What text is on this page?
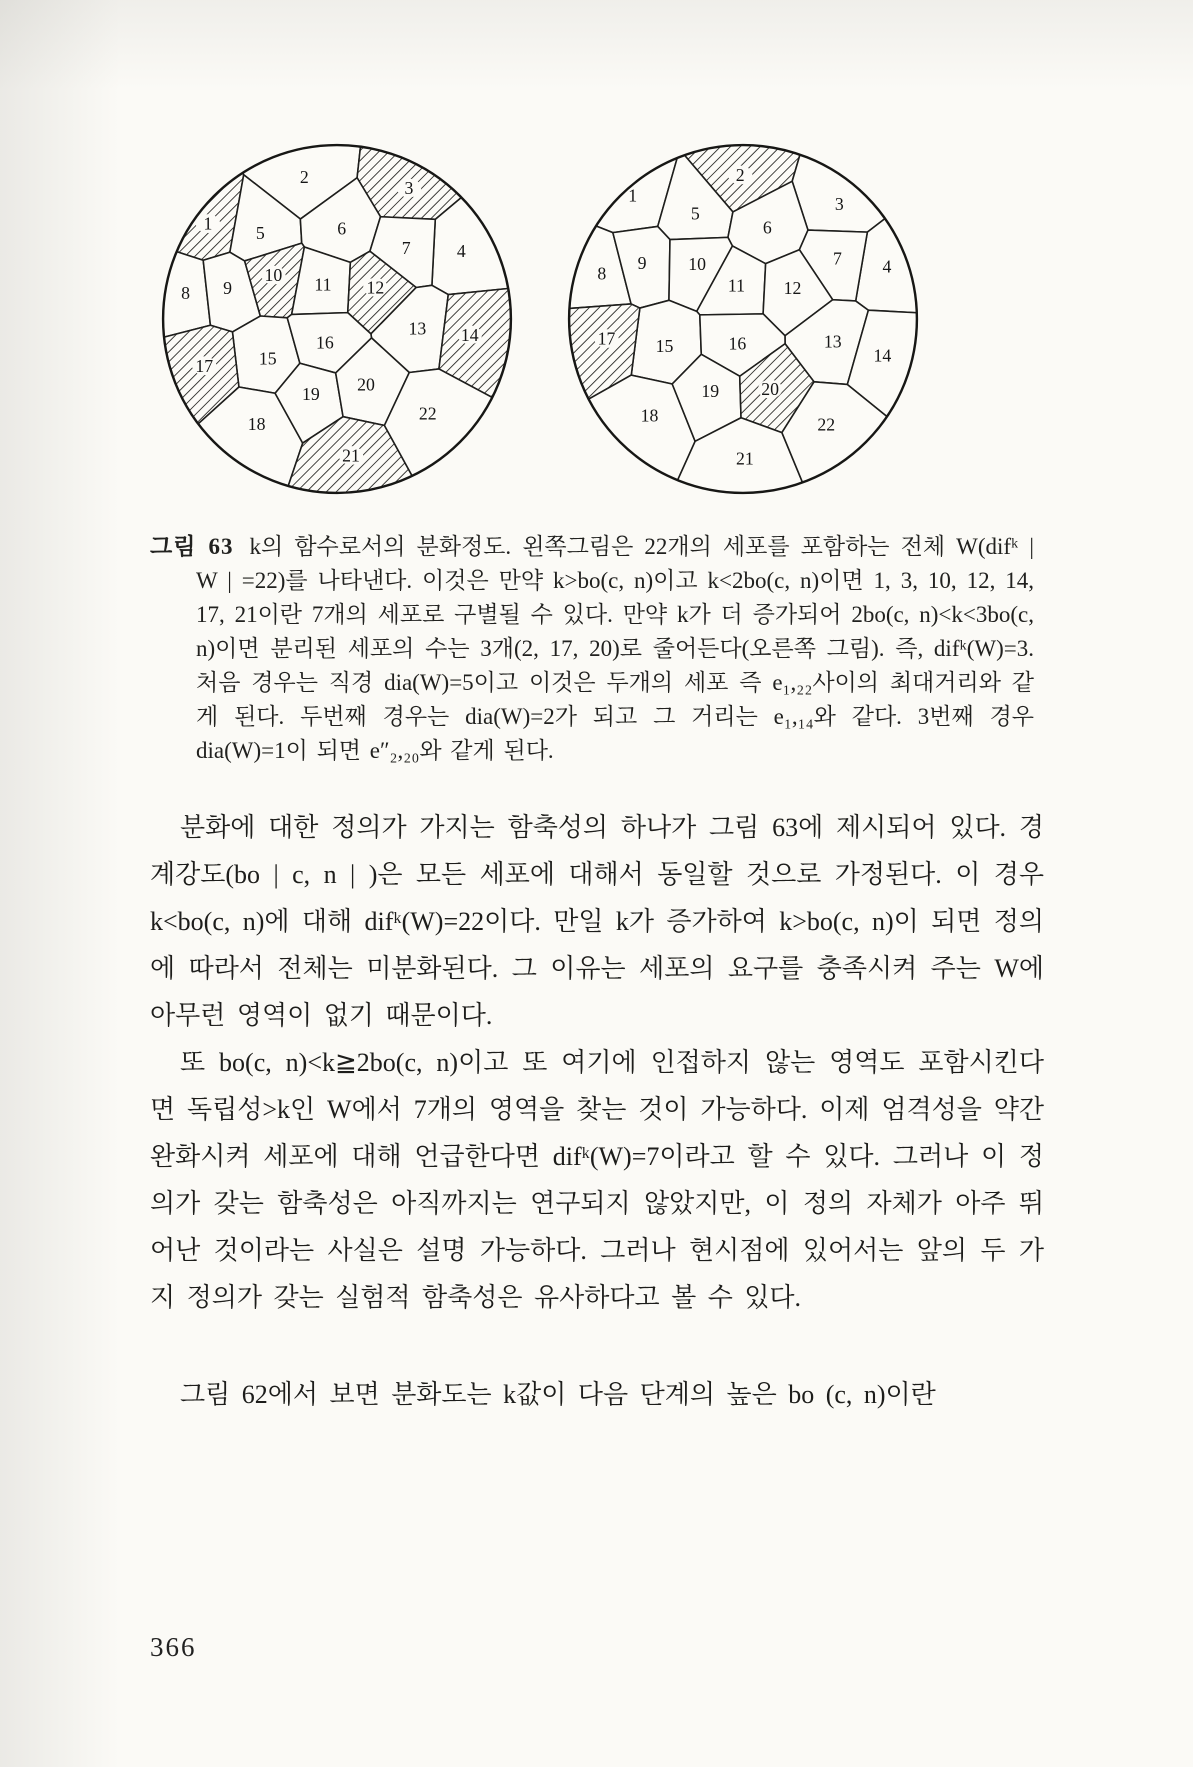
1
2
3
4
5	6
7
8 9
10 11 12
13 14
15
16
17
18
19 20
21
22
1
2
3
4
5
6
7
8
9 10
11 12
13
14
15	16
17
18
19 20
21
22
그림 63 k의 함수로서의 분화정도. 왼쪽그림은 22개의 세포를 포함하는 전체 W(difᵏ | W | =22)를 나타낸다. 이것은 만약 k>bo(c, n)이고 k<2bo(c, n)이면 1, 3, 10, 12, 14, 17, 21이란 7개의 세포로 구별될 수 있다. 만약 k가 더 증가되어 2bo(c, n)<k<3bo(c, n)이면 분리된 세포의 수는 3개(2, 17, 20)로 줄어든다(오른쪽 그림). 즉, difᵏ(W)=3. 처음 경우는 직경 dia(W)=5이고 이것은 두개의 세포 즉 e₁,₂₂사이의 최대거리와 같게 된다. 두번째 경우는 dia(W)=2가 되고 그 거리는 e₁,₁₄와 같다. 3번째 경우 dia(W)=1이 되면 e″₂,₂₀와 같게 된다.

분화에 대한 정의가 가지는 함축성의 하나가 그림 63에 제시되어 있다. 경계강도(bo | c, n | )은 모든 세포에 대해서 동일할 것으로 가정된다. 이 경우 k<bo(c, n)에 대해 difᵏ(W)=22이다. 만일 k가 증가하여 k>bo(c, n)이 되면 정의에 따라서 전체는 미분화된다. 그 이유는 세포의 요구를 충족시켜 주는 W에 아무런 영역이 없기 때문이다.

또 bo(c, n)<k≧2bo(c, n)이고 또 여기에 인접하지 않는 영역도 포함시킨다면 독립성>k인 W에서 7개의 영역을 찾는 것이 가능하다. 이제 엄격성을 약간 완화시켜 세포에 대해 언급한다면 difᵏ(W)=7이라고 할 수 있다. 그러나 이 정의가 갖는 함축성은 아직까지는 연구되지 않았지만, 이 정의 자체가 아주 뛰어난 것이라는 사실은 설명 가능하다. 그러나 현시점에 있어서는 앞의 두 가지 정의가 갖는 실험적 함축성은 유사하다고 볼 수 있다.

그림 62에서 보면 분화도는 k값이 다음 단계의 높은 bo (c, n)이란

366
